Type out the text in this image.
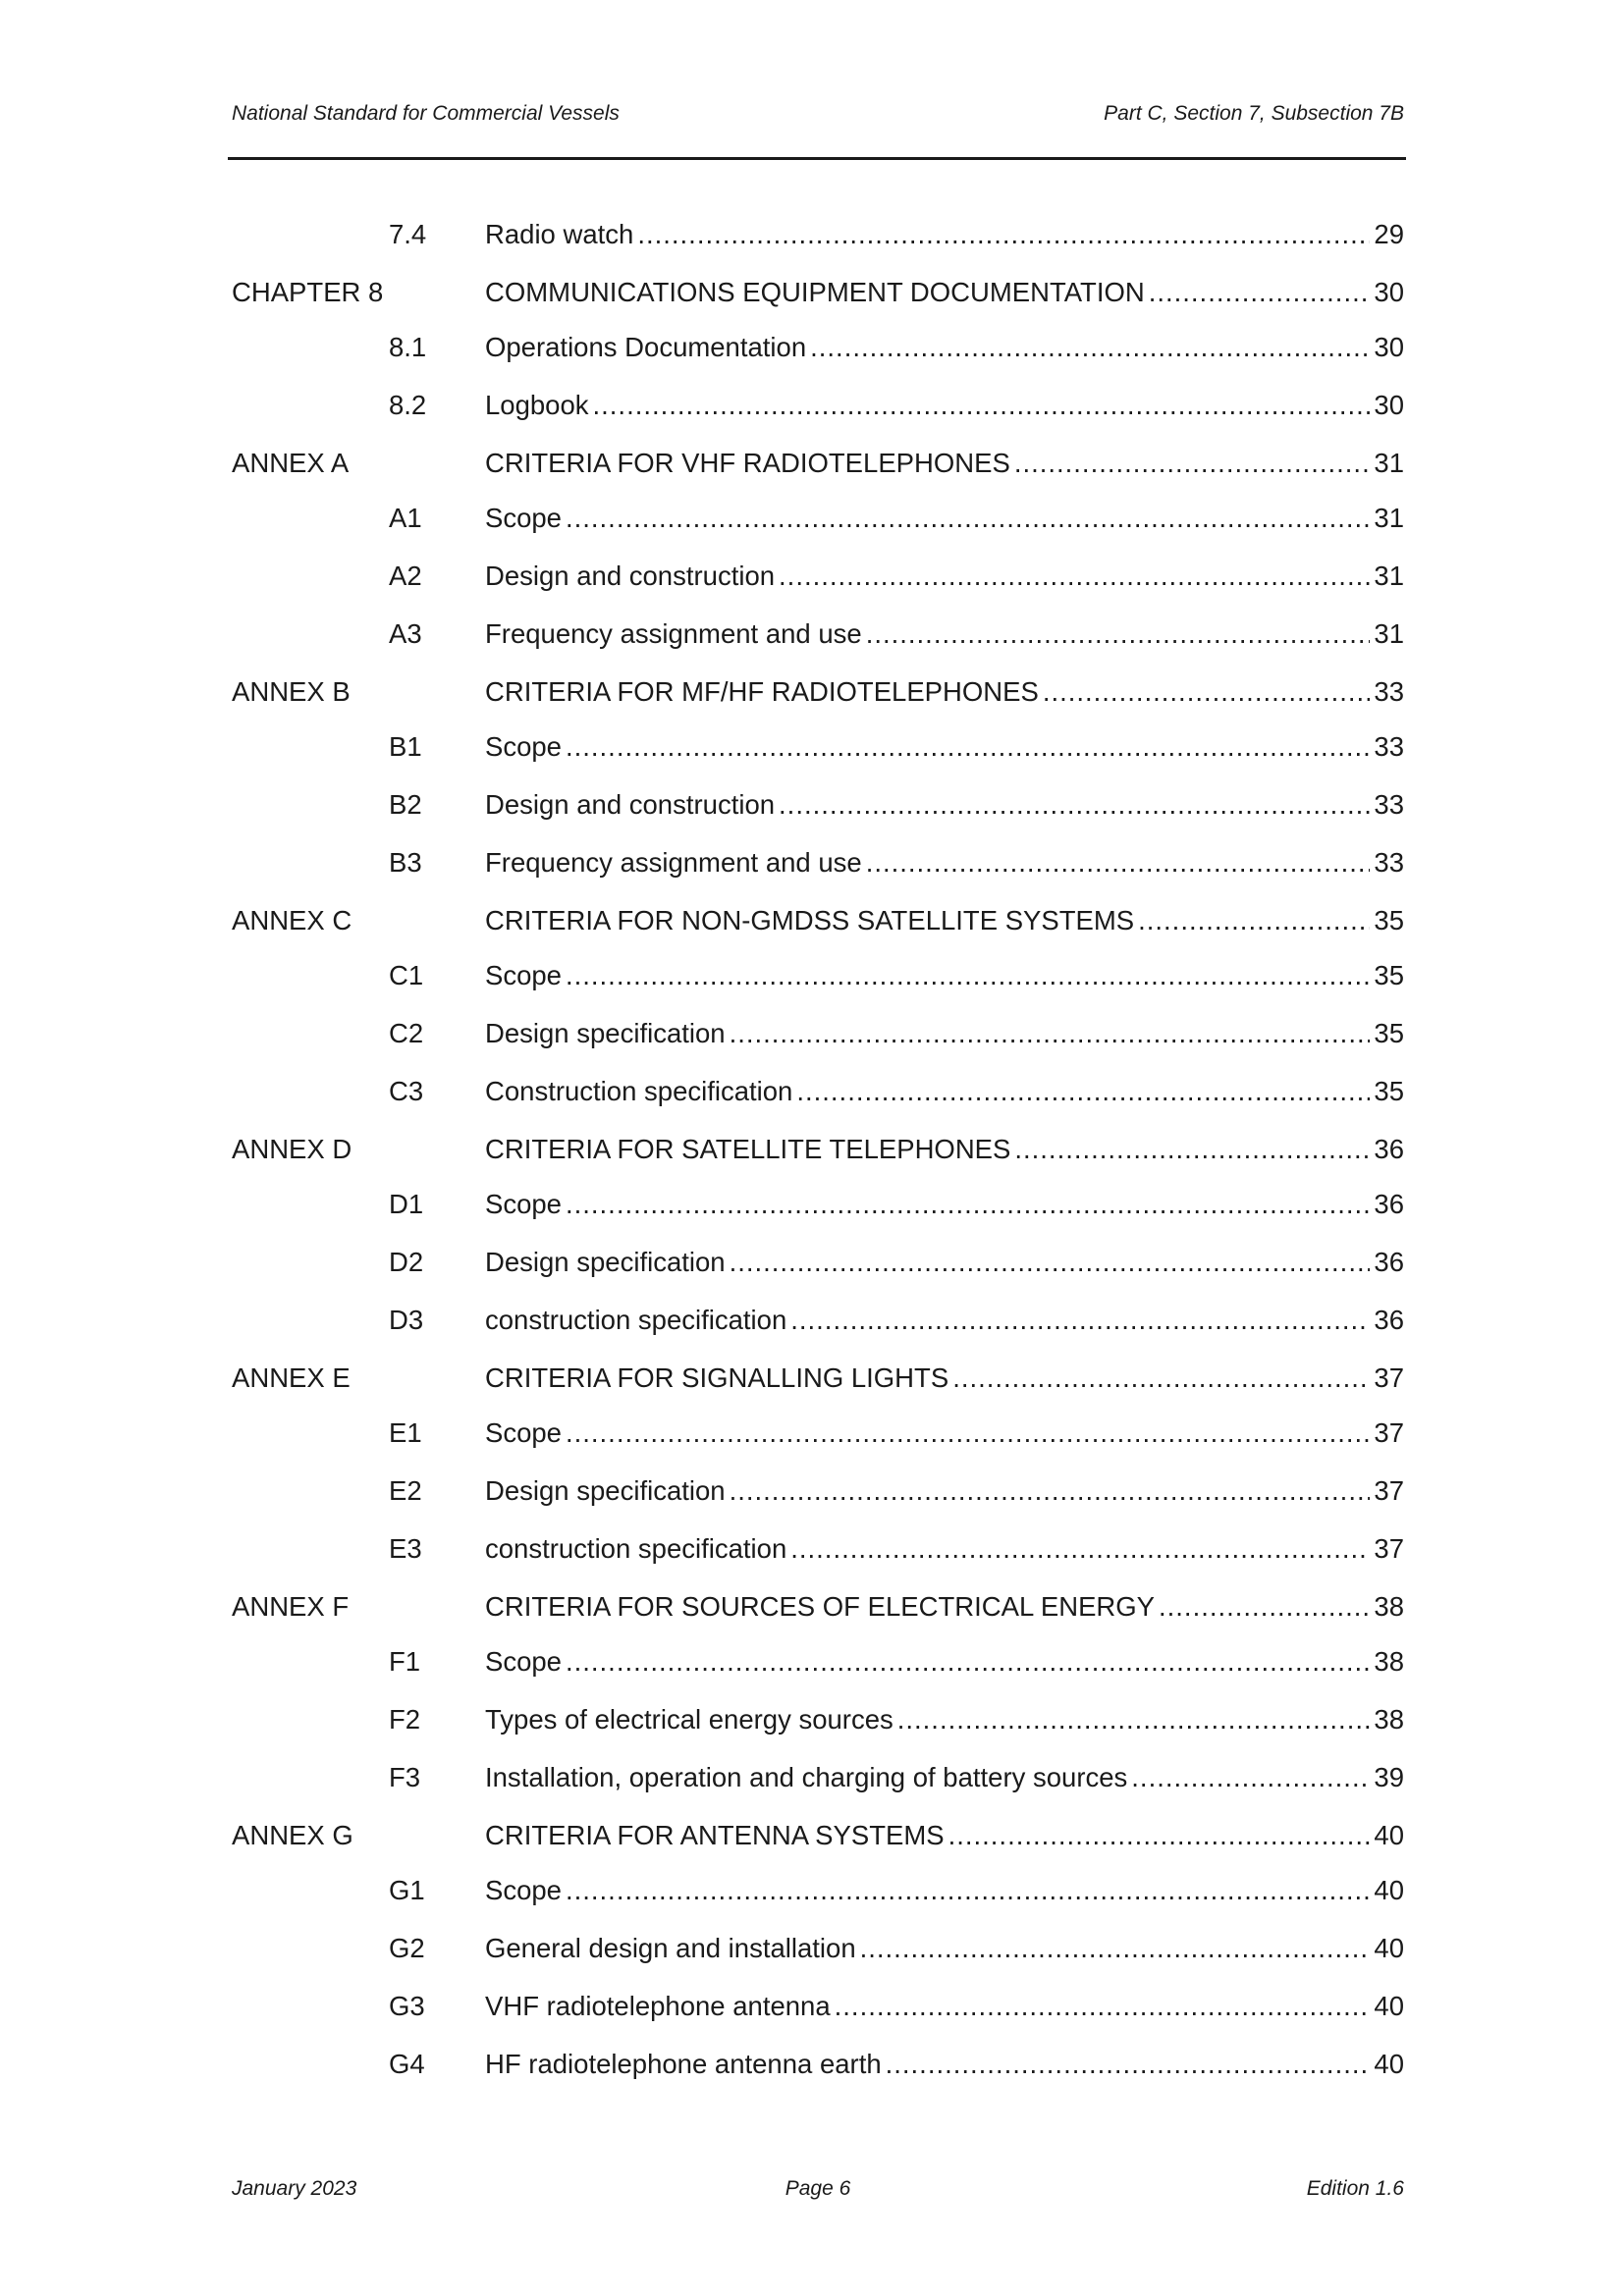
National Standard for Commercial Vessels	Part C, Section 7, Subsection 7B
7.4	Radio watch .....	29
CHAPTER 8	COMMUNICATIONS EQUIPMENT DOCUMENTATION .....	30
8.1	Operations Documentation .....	30
8.2	Logbook .....	30
ANNEX A	CRITERIA FOR VHF RADIOTELEPHONES .....	31
A1	Scope .....	31
A2	Design and construction .....	31
A3	Frequency assignment and use .....	31
ANNEX B	CRITERIA FOR MF/HF RADIOTELEPHONES .....	33
B1	Scope .....	33
B2	Design and construction .....	33
B3	Frequency assignment and use .....	33
ANNEX C	CRITERIA FOR NON-GMDSS SATELLITE SYSTEMS .....	35
C1	Scope .....	35
C2	Design specification .....	35
C3	Construction specification .....	35
ANNEX D	CRITERIA FOR SATELLITE TELEPHONES .....	36
D1	Scope .....	36
D2	Design specification .....	36
D3	construction specification .....	36
ANNEX E	CRITERIA FOR SIGNALLING LIGHTS .....	37
E1	Scope .....	37
E2	Design specification .....	37
E3	construction specification .....	37
ANNEX F	CRITERIA FOR SOURCES OF ELECTRICAL ENERGY .....	38
F1	Scope .....	38
F2	Types of electrical energy sources .....	38
F3	Installation, operation and charging of battery sources .....	39
ANNEX G	CRITERIA FOR ANTENNA SYSTEMS .....	40
G1	Scope .....	40
G2	General design and installation .....	40
G3	VHF radiotelephone antenna .....	40
G4	HF radiotelephone antenna earth .....	40
January 2023	Page 6	Edition 1.6
